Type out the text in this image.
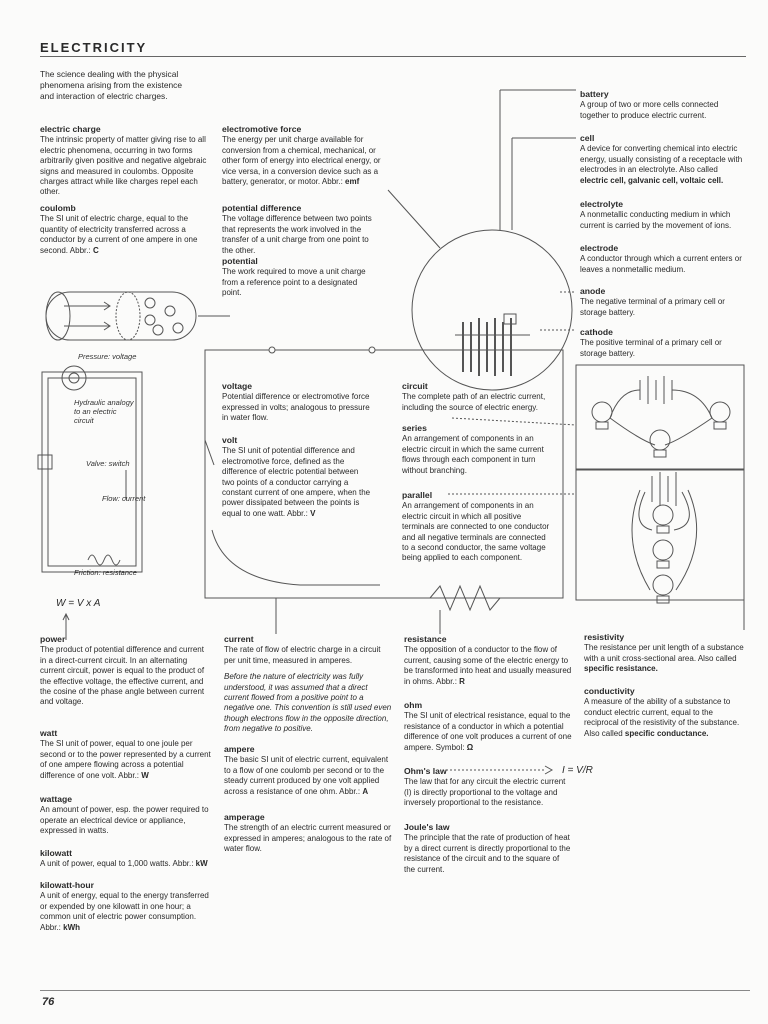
ELECTRICITY
The science dealing with the physical phenomena arising from the existence and interaction of electric charges.
Pressure: voltage
Hydraulic analogy to an electric circuit
Valve: switch
Flow: current
Friction: resistance
W = V x A
I = V/R
electric charge
The intrinsic property of matter giving rise to all electric phenomena, occurring in two forms arbitrarily given positive and negative algebraic signs and measured in coulombs. Opposite charges attract while like charges repel each other.
coulomb
The SI unit of electric charge, equal to the quantity of electricity transferred across a conductor by a current of one ampere in one second. Abbr.: C
power
The product of potential difference and current in a direct-current circuit. In an alternating current circuit, power is equal to the product of the effective voltage, the effective current, and the cosine of the phase angle between current and voltage.
watt
The SI unit of power, equal to one joule per second or to the power represented by a current of one ampere flowing across a potential difference of one volt. Abbr.: W
wattage
An amount of power, esp. the power required to operate an electrical device or appliance, expressed in watts.
kilowatt
A unit of power, equal to 1,000 watts. Abbr.: kW
kilowatt-hour
A unit of energy, equal to the energy transferred or expended by one kilowatt in one hour; a common unit of electric power consumption. Abbr.: kWh
electromotive force
The energy per unit charge available for conversion from a chemical, mechanical, or other form of energy into electrical energy, or vice versa, in a conversion device such as a battery, generator, or motor. Abbr.: emf
potential difference
The voltage difference between two points that represents the work involved in the transfer of a unit charge from one point to the other.
potential
The work required to move a unit charge from a reference point to a designated point.
voltage
Potential difference or electromotive force expressed in volts; analogous to pressure in water flow.
volt
The SI unit of potential difference and electromotive force, defined as the difference of electric potential between two points of a conductor carrying a constant current of one ampere, when the power dissipated between the points is equal to one watt. Abbr.: V
circuit
The complete path of an electric current, including the source of electric energy.
series
An arrangement of components in an electric circuit in which the same current flows through each component in turn without branching.
parallel
An arrangement of components in an electric circuit in which all positive terminals are connected to one conductor and all negative terminals are connected to a second conductor, the same voltage being applied to each component.
battery
A group of two or more cells connected together to produce electric current.
cell
A device for converting chemical into electric energy, usually consisting of a receptacle with electrodes in an electrolyte. Also called electric cell, galvanic cell, voltaic cell.
electrolyte
A nonmetallic conducting medium in which current is carried by the movement of ions.
electrode
A conductor through which a current enters or leaves a nonmetallic medium.
anode
The negative terminal of a primary cell or storage battery.
cathode
The positive terminal of a primary cell or storage battery.
current
The rate of flow of electric charge in a circuit per unit time, measured in amperes.
Before the nature of electricity was fully understood, it was assumed that a direct current flowed from a positive point to a negative one. This convention is still used even though electrons flow in the opposite direction, from negative to positive.
ampere
The basic SI unit of electric current, equivalent to a flow of one coulomb per second or to the steady current produced by one volt applied across a resistance of one ohm. Abbr.: A
amperage
The strength of an electric current measured or expressed in amperes; analogous to the rate of water flow.
resistance
The opposition of a conductor to the flow of current, causing some of the electric energy to be transformed into heat and usually measured in ohms. Abbr.: R
ohm
The SI unit of electrical resistance, equal to the resistance of a conductor in which a potential difference of one volt produces a current of one ampere. Symbol: Ω
Ohm's law
The law that for any circuit the electric current (I) is directly proportional to the voltage and inversely proportional to the resistance.
Joule's law
The principle that the rate of production of heat by a direct current is directly proportional to the resistance of the circuit and to the square of the current.
resistivity
The resistance per unit length of a substance with a unit cross-sectional area. Also called specific resistance.
conductivity
A measure of the ability of a substance to conduct electric current, equal to the reciprocal of the resistivity of the substance. Also called specific conductance.
76
